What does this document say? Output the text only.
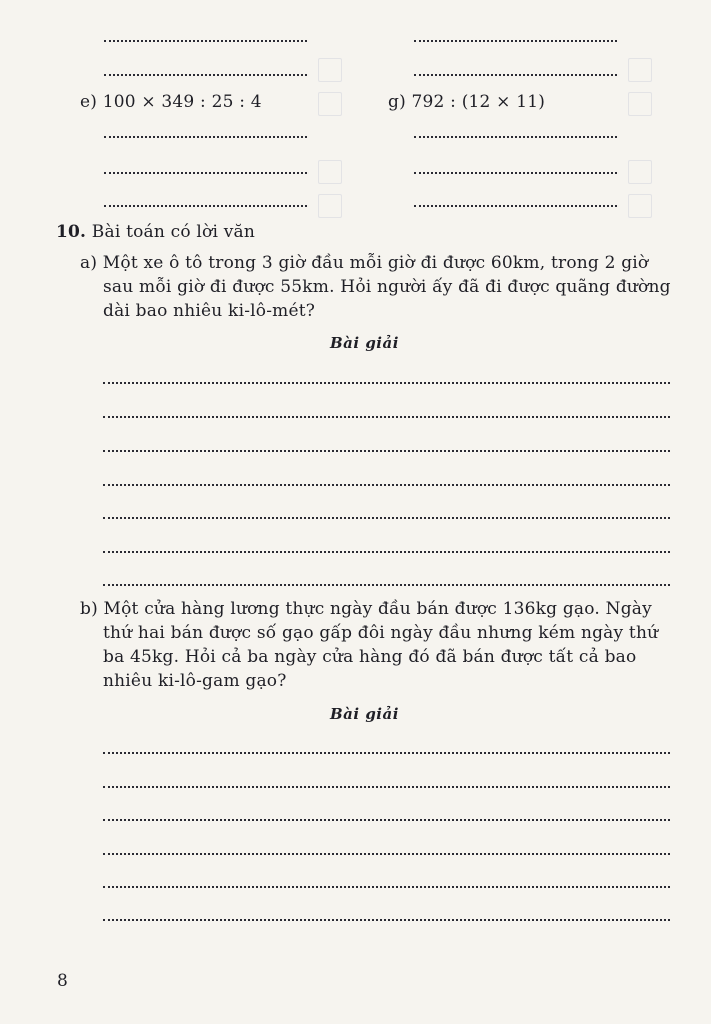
e) 100 × 349 : 25 : 4	g) 792 : (12 × 11)
10. Bài toán có lời văn
a) Một xe ô tô trong 3 giờ đầu mỗi giờ đi được 60km, trong 2 giờ
sau mỗi giờ đi được 55km. Hỏi người ấy đã đi được quãng đường
dài bao nhiêu ki-lô-mét?
Bài giải
b) Một cửa hàng lương thực ngày đầu bán được 136kg gạo. Ngày
thứ hai bán được số gạo gấp đôi ngày đầu nhưng kém ngày thứ
ba 45kg. Hỏi cả ba ngày cửa hàng đó đã bán được tất cả bao
nhiêu ki-lô-gam gạo?
Bài giải
8
